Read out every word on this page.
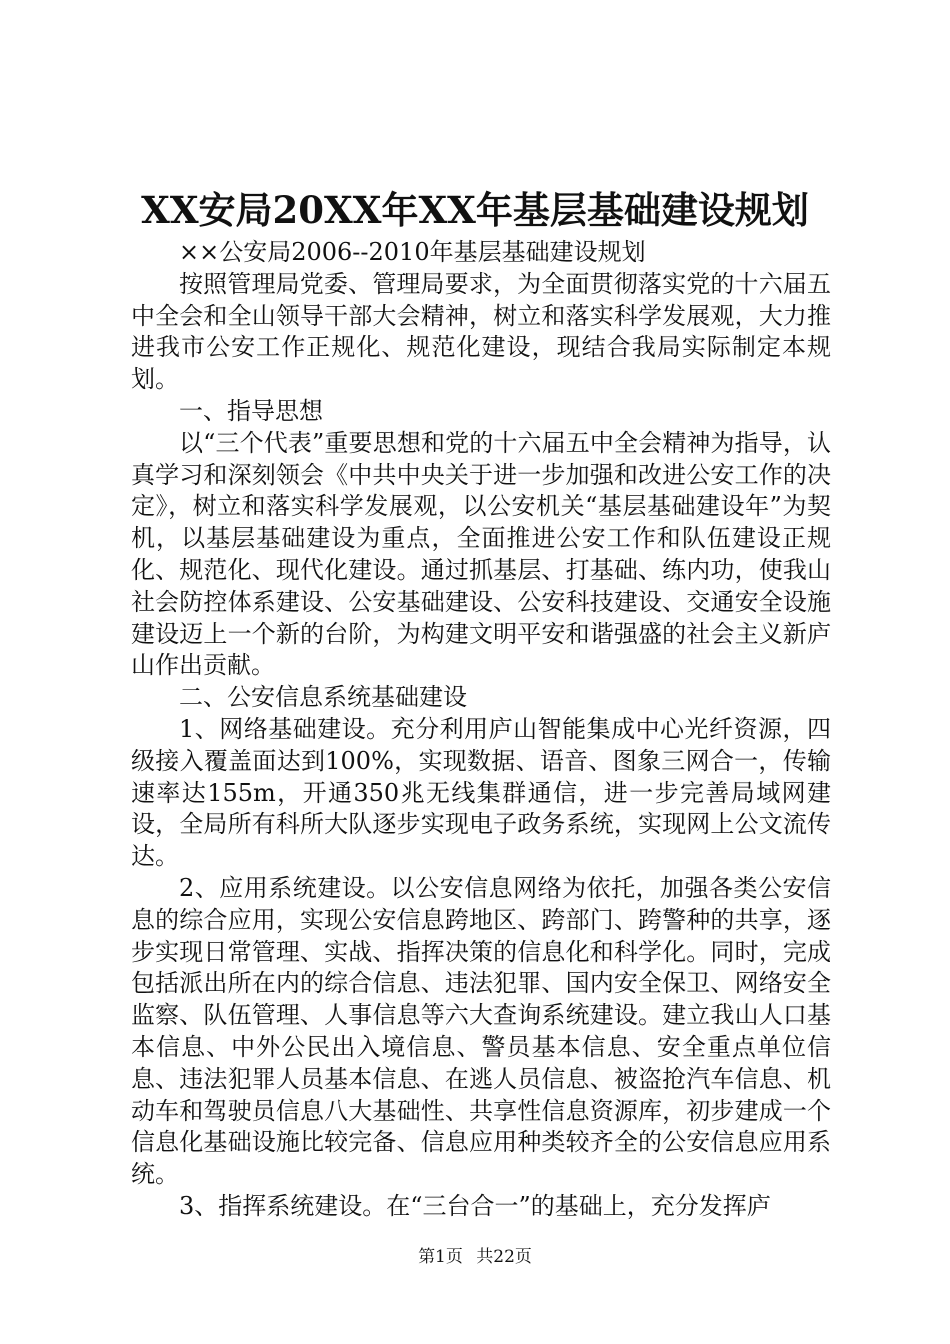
XX安局20XX年XX年基层基础建设规划

××公安局2006--2010年基层基础建设规划

按照管理局党委、管理局要求，为全面贯彻落实党的十六届五中全会和全山领导干部大会精神，树立和落实科学发展观，大力推进我市公安工作正规化、规范化建设，现结合我局实际制定本规划。

一、指导思想

以“三个代表”重要思想和党的十六届五中全会精神为指导，认真学习和深刻领会《中共中央关于进一步加强和改进公安工作的决定》，树立和落实科学发展观，以公安机关“基层基础建设年”为契机，以基层基础建设为重点，全面推进公安工作和队伍建设正规化、规范化、现代化建设。通过抓基层、打基础、练内功，使我山社会防控体系建设、公安基础建设、公安科技建设、交通安全设施建设迈上一个新的台阶，为构建文明平安和谐强盛的社会主义新庐山作出贡献。

二、公安信息系统基础建设

1、网络基础建设。充分利用庐山智能集成中心光纤资源，四级接入覆盖面达到100%，实现数据、语音、图象三网合一，传输速率达155m，开通350兆无线集群通信，进一步完善局域网建设，全局所有科所大队逐步实现电子政务系统，实现网上公文流传达。

2、应用系统建设。以公安信息网络为依托，加强各类公安信息的综合应用，实现公安信息跨地区、跨部门、跨警种的共享，逐步实现日常管理、实战、指挥决策的信息化和科学化。同时，完成包括派出所在内的综合信息、违法犯罪、国内安全保卫、网络安全监察、队伍管理、人事信息等六大查询系统建设。建立我山人口基本信息、中外公民出入境信息、警员基本信息、安全重点单位信息、违法犯罪人员基本信息、在逃人员信息、被盗抢汽车信息、机动车和驾驶员信息八大基础性、共享性信息资源库，初步建成一个信息化基础设施比较完备、信息应用种类较齐全的公安信息应用系统。

3、指挥系统建设。在“三台合一”的基础上，充分发挥庐

第1页 共22页
